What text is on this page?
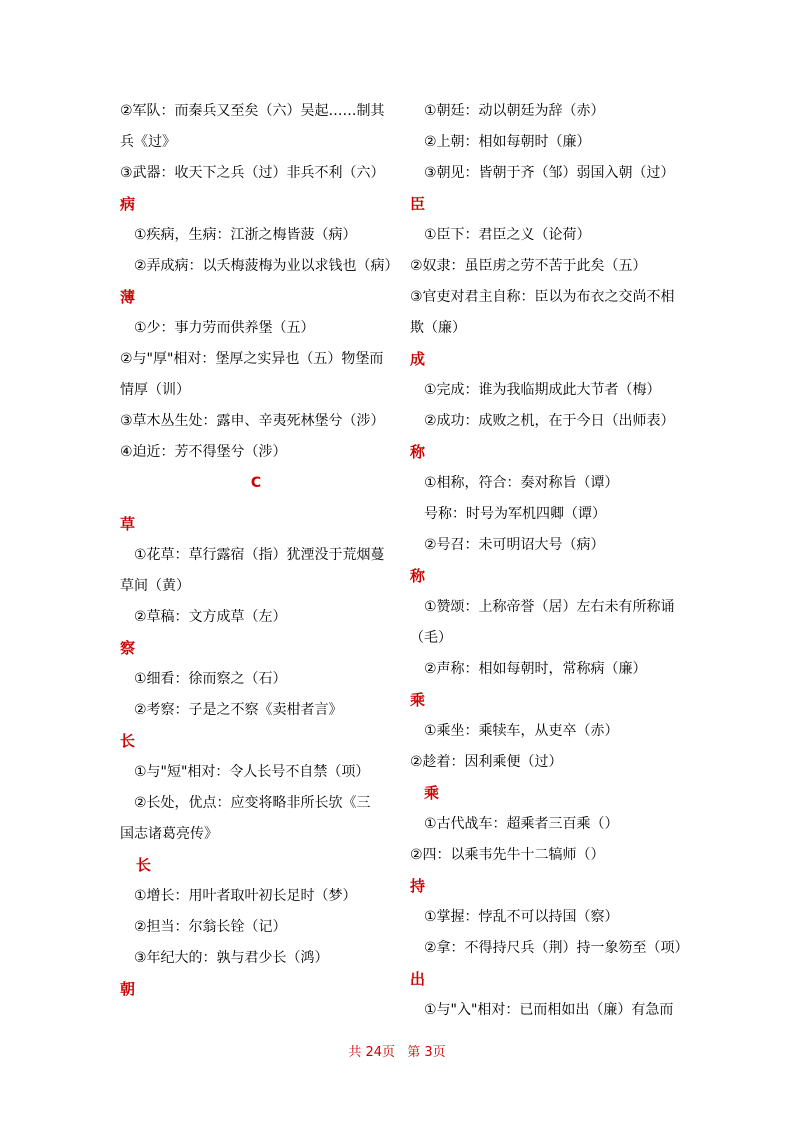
②军队：而秦兵又至矣（六）吴起……制其
兵《过》
③武器：收天下之兵（过）非兵不利（六）
病
①疾病，生病：江浙之梅皆菠（病）
②弄成病：以夭梅菠梅为业以求钱也（病）
薄
①少：事力劳而供养堡（五）
②与"厚"相对：堡厚之实异也（五）物堡而
情厚（训）
③草木丛生处：露申、辛夷死林堡兮（涉）
④迫近：芳不得堡兮（涉）
C
草
①花草：草行露宿（指）犹湮没于荒烟蔓
草间（黄）
②草稿：文方成草（左）
察
①细看：徐而察之（石）
②考察：子是之不察《卖柑者言》
长
①与"短"相对：令人长号不自禁（项）
②长处，优点：应变将略非所长欤《三
国志诸葛亮传》
长
①增长：用叶者取叶初长足时（梦）
②担当：尔翁长铨（记）
③年纪大的：孰与君少长（鸿）
朝
①朝廷：动以朝廷为辞（赤）
②上朝：相如每朝时（廉）
③朝见：皆朝于齐（邹）弱国入朝（过）
臣
①臣下：君臣之义（论荷）
②奴隶：虽臣虏之劳不苦于此矣（五）
③官吏对君主自称：臣以为布衣之交尚不相
欺（廉）
成
①完成：谁为我临期成此大节者（梅）
②成功：成败之机，在于今日（出师表）
称
①相称，符合：奏对称旨（谭）
号称：时号为军机四卿（谭）
②号召：未可明诏大号（病）
称
①赞颂：上称帝誉（居）左右未有所称诵
（毛）
②声称：相如每朝时，常称病（廉）
乘
①乘坐：乘犊车，从吏卒（赤）
②趁着：因利乘便（过）
乘
①古代战车：超乘者三百乘（）
②四：以乘韦先牛十二犒师（）
持
①掌握：悖乱不可以持国（察）
②拿：不得持尺兵（荆）持一象笏至（项）
出
①与"入"相对：已而相如出（廉）有急而
共 24页 第 3页
